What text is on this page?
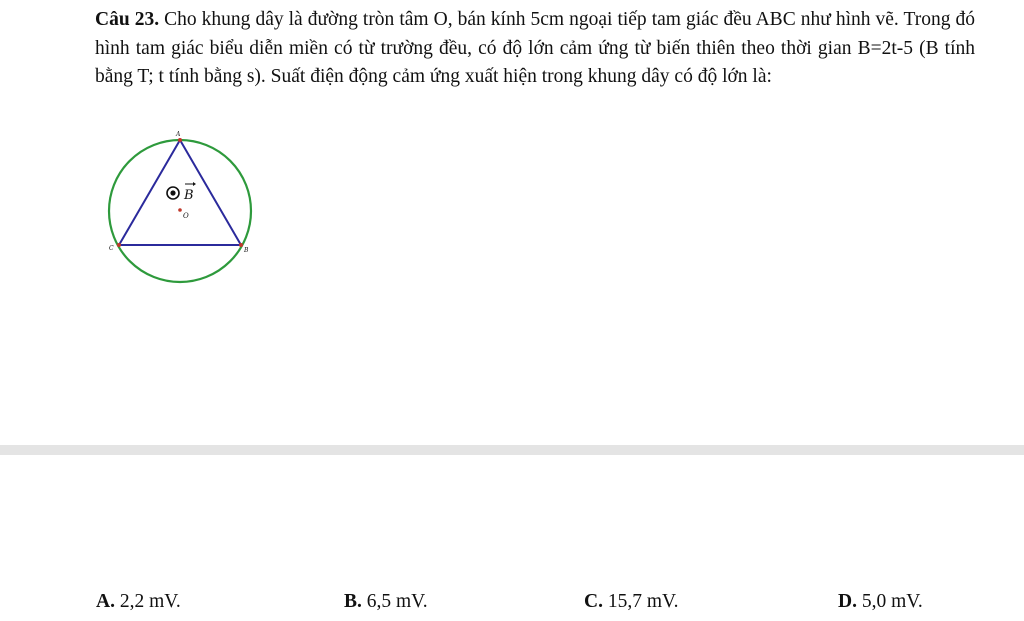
Câu 23. Cho khung dây là đường tròn tâm O, bán kính 5cm ngoại tiếp tam giác đều ABC như hình vẽ. Trong đó hình tam giác biểu diễn miền có từ trường đều, có độ lớn cảm ứng từ biến thiên theo thời gian B=2t-5 (B tính bằng T; t tính bằng s). Suất điện động cảm ứng xuất hiện trong khung dây có độ lớn là:
B
A
B
C
O
A. 2,2 mV.	B. 6,5 mV.	C. 15,7 mV.	D. 5,0 mV.
